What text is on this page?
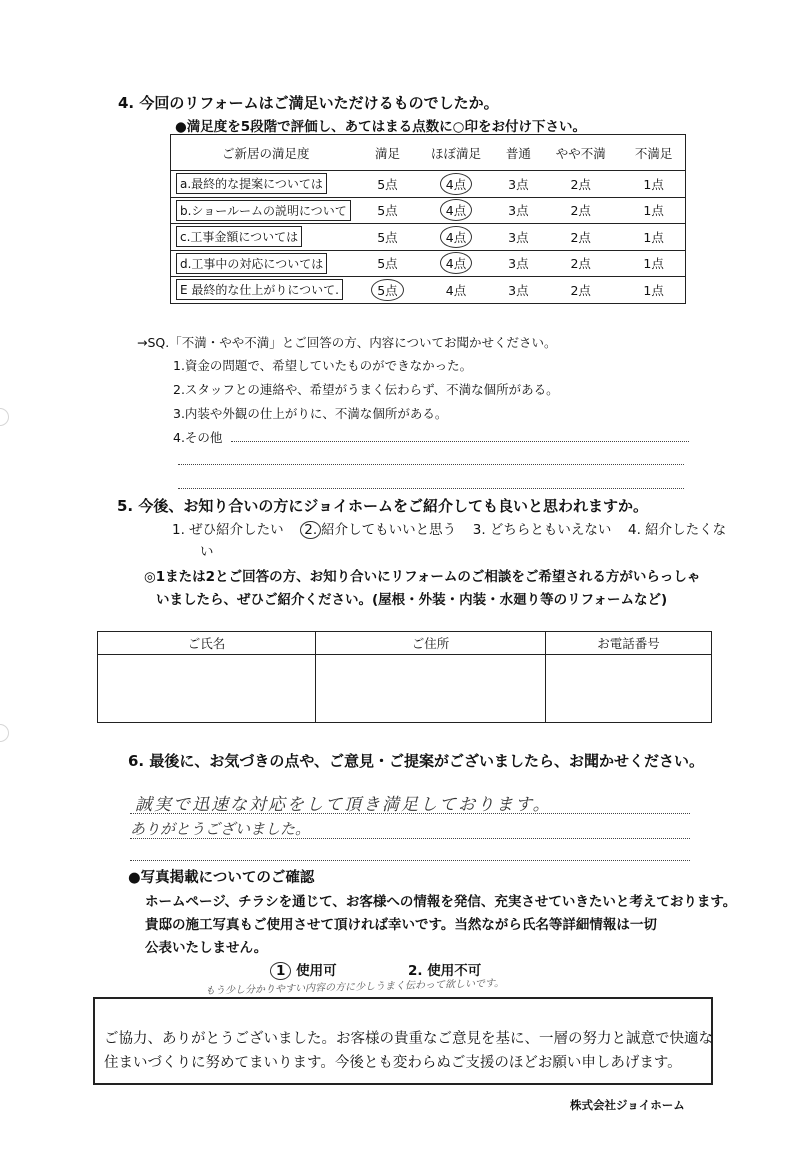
4. 今回のリフォームはご満足いただけるものでしたか。
●満足度を5段階で評価し、あてはまる点数に○印をお付け下さい。
ご新居の満足度	満足	ほぼ満足	普通	やや不満	不満足
a.最終的な提案については	5点	4点	3点	2点	1点
b.ショールームの説明について	5点	4点	3点	2点	1点
c.工事金額については	5点	4点	3点	2点	1点
d.工事中の対応については	5点	4点	3点	2点	1点
E 最終的な仕上がりについて.	5点	4点	3点	2点	1点
→SQ.「不満・やや不満」とご回答の方、内容についてお聞かせください。
1.資金の問題で、希望していたものができなかった。
2.スタッフとの連絡や、希望がうまく伝わらず、不満な個所がある。
3.内装や外観の仕上がりに、不満な個所がある。
4.その他
5. 今後、お知り合いの方にジョイホームをご紹介しても良いと思われますか。
1. ぜひ紹介したい 2. 紹介してもいいと思う 3. どちらともいえない 4. 紹介したくな
い
◎1または2とご回答の方、お知り合いにリフォームのご相談をご希望される方がいらっしゃ
いましたら、ぜひご紹介ください。(屋根・外装・内装・水廻り等のリフォームなど)
ご氏名	ご住所	お電話番号

6. 最後に、お気づきの点や、ご意見・ご提案がございましたら、お聞かせください。
誠実で迅速な対応をして頂き満足しております。
ありがとうございました。
●写真掲載についてのご確認
ホームページ、チラシを通じて、お客様への情報を発信、充実させていきたいと考えております。
貴邸の施工写真もご使用させて頂ければ幸いです。当然ながら氏名等詳細情報は一切
公表いたしません。
1 使用可	2. 使用不可
もう少し分かりやすい内容の方に少しうまく伝わって欲しいです。
ご協力、ありがとうございました。お客様の貴重なご意見を基に、一層の努力と誠意で快適な
住まいづくりに努めてまいります。今後とも変わらぬご支援のほどお願い申しあげます。
株式会社ジョイホーム
